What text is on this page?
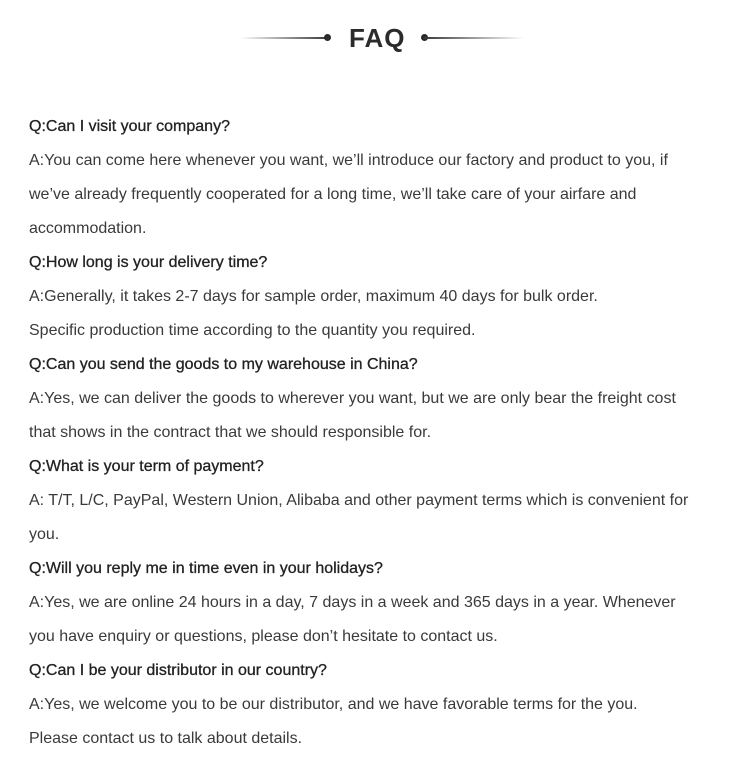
FAQ

Q:Can I visit your company?

A:You can come here whenever you want, we’ll introduce our factory and product to you, if

we’ve already frequently cooperated for a long time, we’ll take care of your airfare and

accommodation.

Q:How long is your delivery time?

A:Generally, it takes 2-7 days for sample order, maximum 40 days for bulk order.

Specific production time according to the quantity you required.

Q:Can you send the goods to my warehouse in China?

A:Yes, we can deliver the goods to wherever you want, but we are only bear the freight cost

that shows in the contract that we should responsible for.

Q:What is your term of payment?

A: T/T, L/C, PayPal, Western Union, Alibaba and other payment terms which is convenient for

you.

Q:Will you reply me in time even in your holidays?

A:Yes, we are online 24 hours in a day, 7 days in a week and 365 days in a year. Whenever

you have enquiry or questions, please don’t hesitate to contact us.

Q:Can I be your distributor in our country?

A:Yes, we welcome you to be our distributor, and we have favorable terms for the you.

Please contact us to talk about details.
